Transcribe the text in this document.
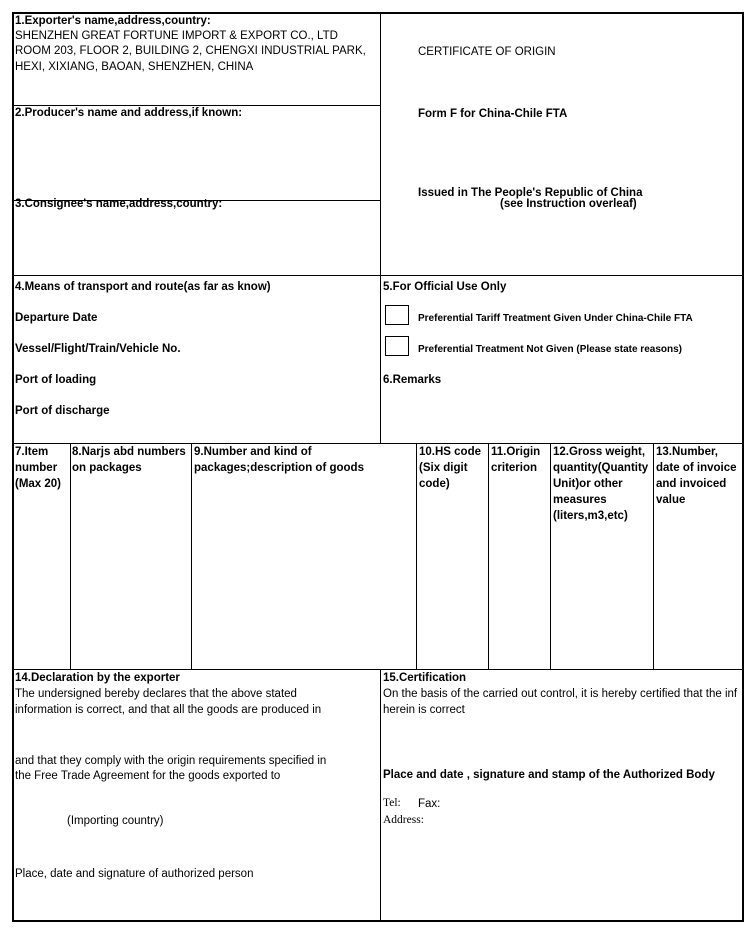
1.Exporter's name,address,country:
SHENZHEN GREAT FORTUNE IMPORT & EXPORT CO., LTD
ROOM 203, FLOOR 2, BUILDING 2, CHENGXI INDUSTRIAL PARK,
HEXI, XIXIANG, BAOAN, SHENZHEN, CHINA
2.Producer's name and address,if known:
3.Consignee's name,address,country:
CERTIFICATE OF ORIGIN
Form F for China-Chile FTA
Issued in The People's Republic of China
(see Instruction overleaf)
4.Means of transport and route(as far as know)
Departure Date
Vessel/Flight/Train/Vehicle No.
Port of loading
Port of discharge
5.For Official Use Only
Preferential Tariff Treatment Given Under China-Chile FTA
Preferential Treatment Not Given (Please state reasons)
6.Remarks
7.Item number (Max 20)
8.Narjs abd numbers on packages
9.Number and kind of packages;description of goods
10.HS code (Six digit code)
11.Origin criterion
12.Gross weight, quantity(Quantity Unit)or other measures (liters,m3,etc)
13.Number, date of invoice and invoiced value
14.Declaration by the exporter
The undersigned bereby declares that the above stated
information is correct, and that all the goods are produced in
and that they comply with the origin requirements specified in
the Free Trade Agreement for the goods exported to
(Importing country)
Place, date and signature of authorized person
15.Certification
On the basis of the carried out control, it is hereby certified that the inf
herein is correct
Place and date , signature and stamp of the Authorized Body
Tel: Fax:
Address:
